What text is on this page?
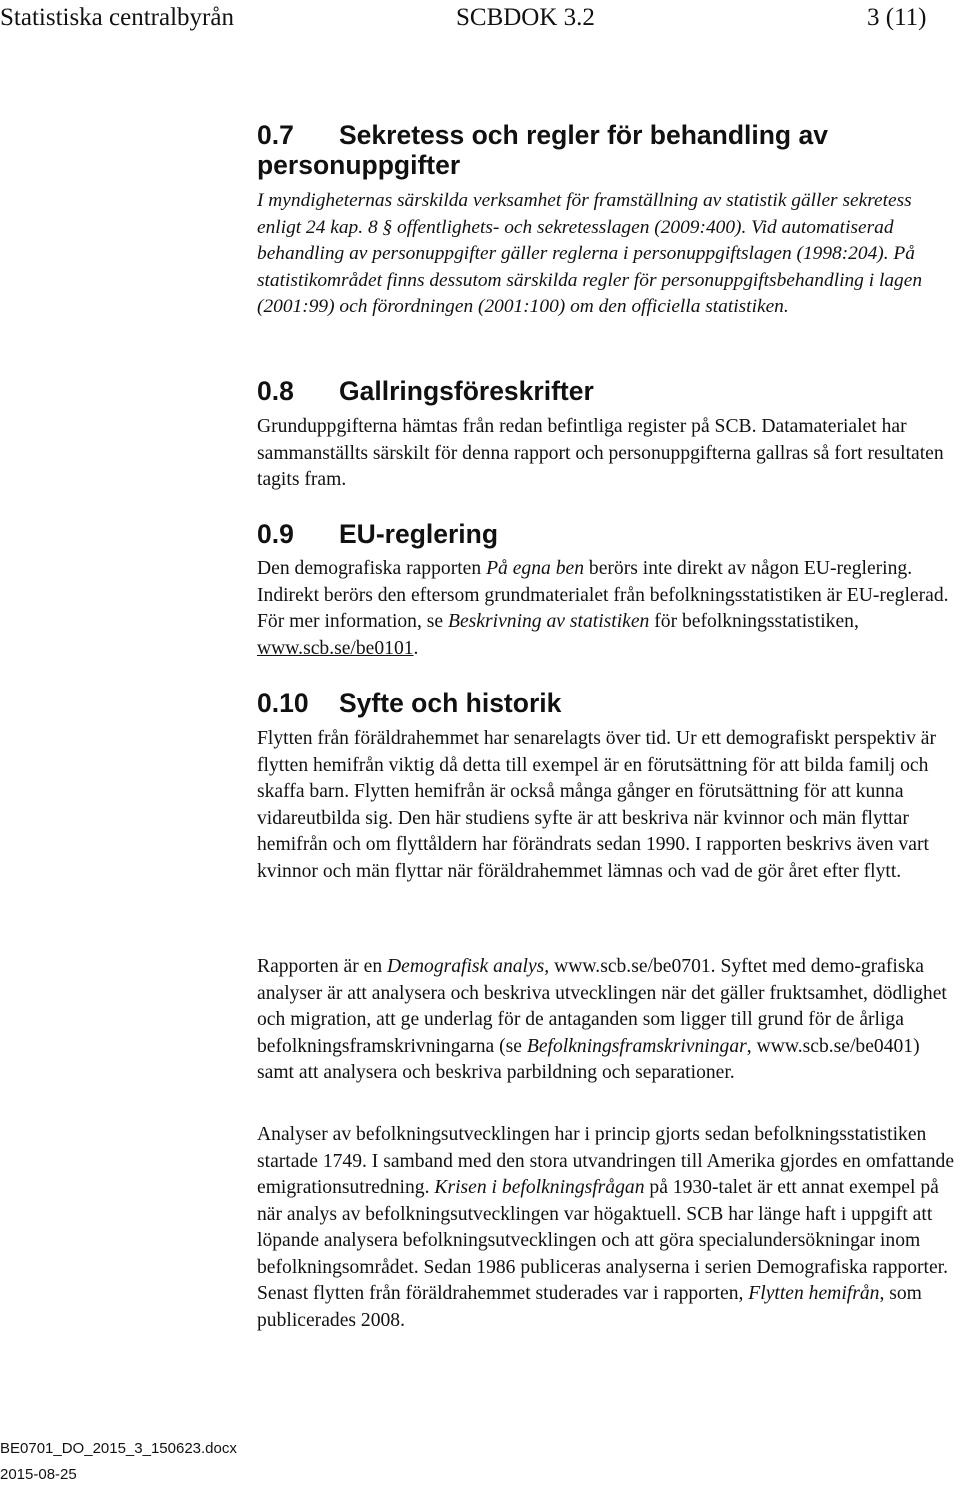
Statistiska centralbyrån	SCBDOK 3.2	3 (11)
0.7 Sekretess och regler för behandling av
personuppgifter

I myndigheternas särskilda verksamhet för framställning av statistik gäller sekretess enligt 24 kap. 8 § offentlighets- och sekretesslagen (2009:400). Vid automatiserad behandling av personuppgifter gäller reglerna i personuppgiftslagen (1998:204). På statistikområdet finns dessutom särskilda regler för personuppgiftsbehandling i lagen (2001:99) och förordningen (2001:100) om den officiella statistiken.

0.8 Gallringsföreskrifter

Grunduppgifterna hämtas från redan befintliga register på SCB. Datamaterialet har sammanställts särskilt för denna rapport och personuppgifterna gallras så fort resultaten tagits fram.

0.9 EU-reglering

Den demografiska rapporten På egna ben berörs inte direkt av någon EU-reglering. Indirekt berörs den eftersom grundmaterialet från befolkningsstatistiken är EU-reglerad. För mer information, se Beskrivning av statistiken för befolkningsstatistiken, www.scb.se/be0101.

0.10 Syfte och historik

Flytten från föräldrahemmet har senarelagts över tid. Ur ett demografiskt perspektiv är flytten hemifrån viktig då detta till exempel är en förutsättning för att bilda familj och skaffa barn. Flytten hemifrån är också många gånger en förutsättning för att kunna vidareutbilda sig. Den här studiens syfte är att beskriva när kvinnor och män flyttar hemifrån och om flyttåldern har förändrats sedan 1990. I rapporten beskrivs även vart kvinnor och män flyttar när föräldrahemmet lämnas och vad de gör året efter flytt.

Rapporten är en Demografisk analys, www.scb.se/be0701. Syftet med demo-grafiska analyser är att analysera och beskriva utvecklingen när det gäller fruktsamhet, dödlighet och migration, att ge underlag för de antaganden som ligger till grund för de årliga befolkningsframskrivningarna (se Befolkningsframskrivningar, www.scb.se/be0401) samt att analysera och beskriva parbildning och separationer.

Analyser av befolkningsutvecklingen har i princip gjorts sedan befolkningsstatistiken startade 1749. I samband med den stora utvandringen till Amerika gjordes en omfattande emigrationsutredning. Krisen i befolkningsfrågan på 1930-talet är ett annat exempel på när analys av befolkningsutvecklingen var högaktuell. SCB har länge haft i uppgift att löpande analysera befolkningsutvecklingen och att göra specialundersökningar inom befolkningsområdet. Sedan 1986 publiceras analyserna i serien Demografiska rapporter. Senast flytten från föräldrahemmet studerades var i rapporten, Flytten hemifrån, som publicerades 2008.

BE0701_DO_2015_3_150623.docx
2015-08-25
